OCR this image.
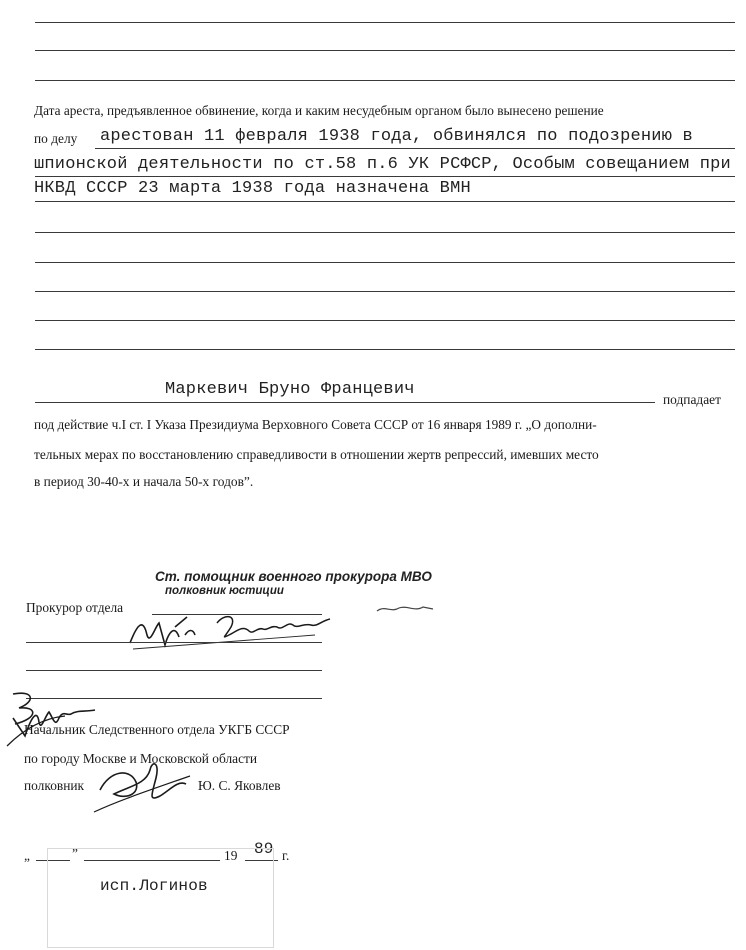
Дата ареста, предъявленное обвинение, когда и каким несудебным органом было вынесено решение
по делу арестован 11 февраля 1938 года, обвинялся по подозрению в
шпионской деятельности по ст.58 п.6 УК РСФСР, Особым совещанием при
НКВД СССР 23 марта 1938 года назначена ВМН
Маркевич Бруно Францевич
подпадает
под действие ч.I ст. I Указа Президиума Верховного Совета СССР от 16 января 1989 г. „О дополни-
тельных мерах по восстановлению справедливости в отношении жертв репрессий, имевших место
в период 30-40-х и начала 50-х годов”.
Ст. помощник военного прокурора МВО
полковник юстиции
Прокурор отдела
Начальник Следственного отдела УКГБ СССР
по городу Москве и Московской области
полковник	Ю. С. Яковлев
„	”	19 89 г.
исп.Логинов
